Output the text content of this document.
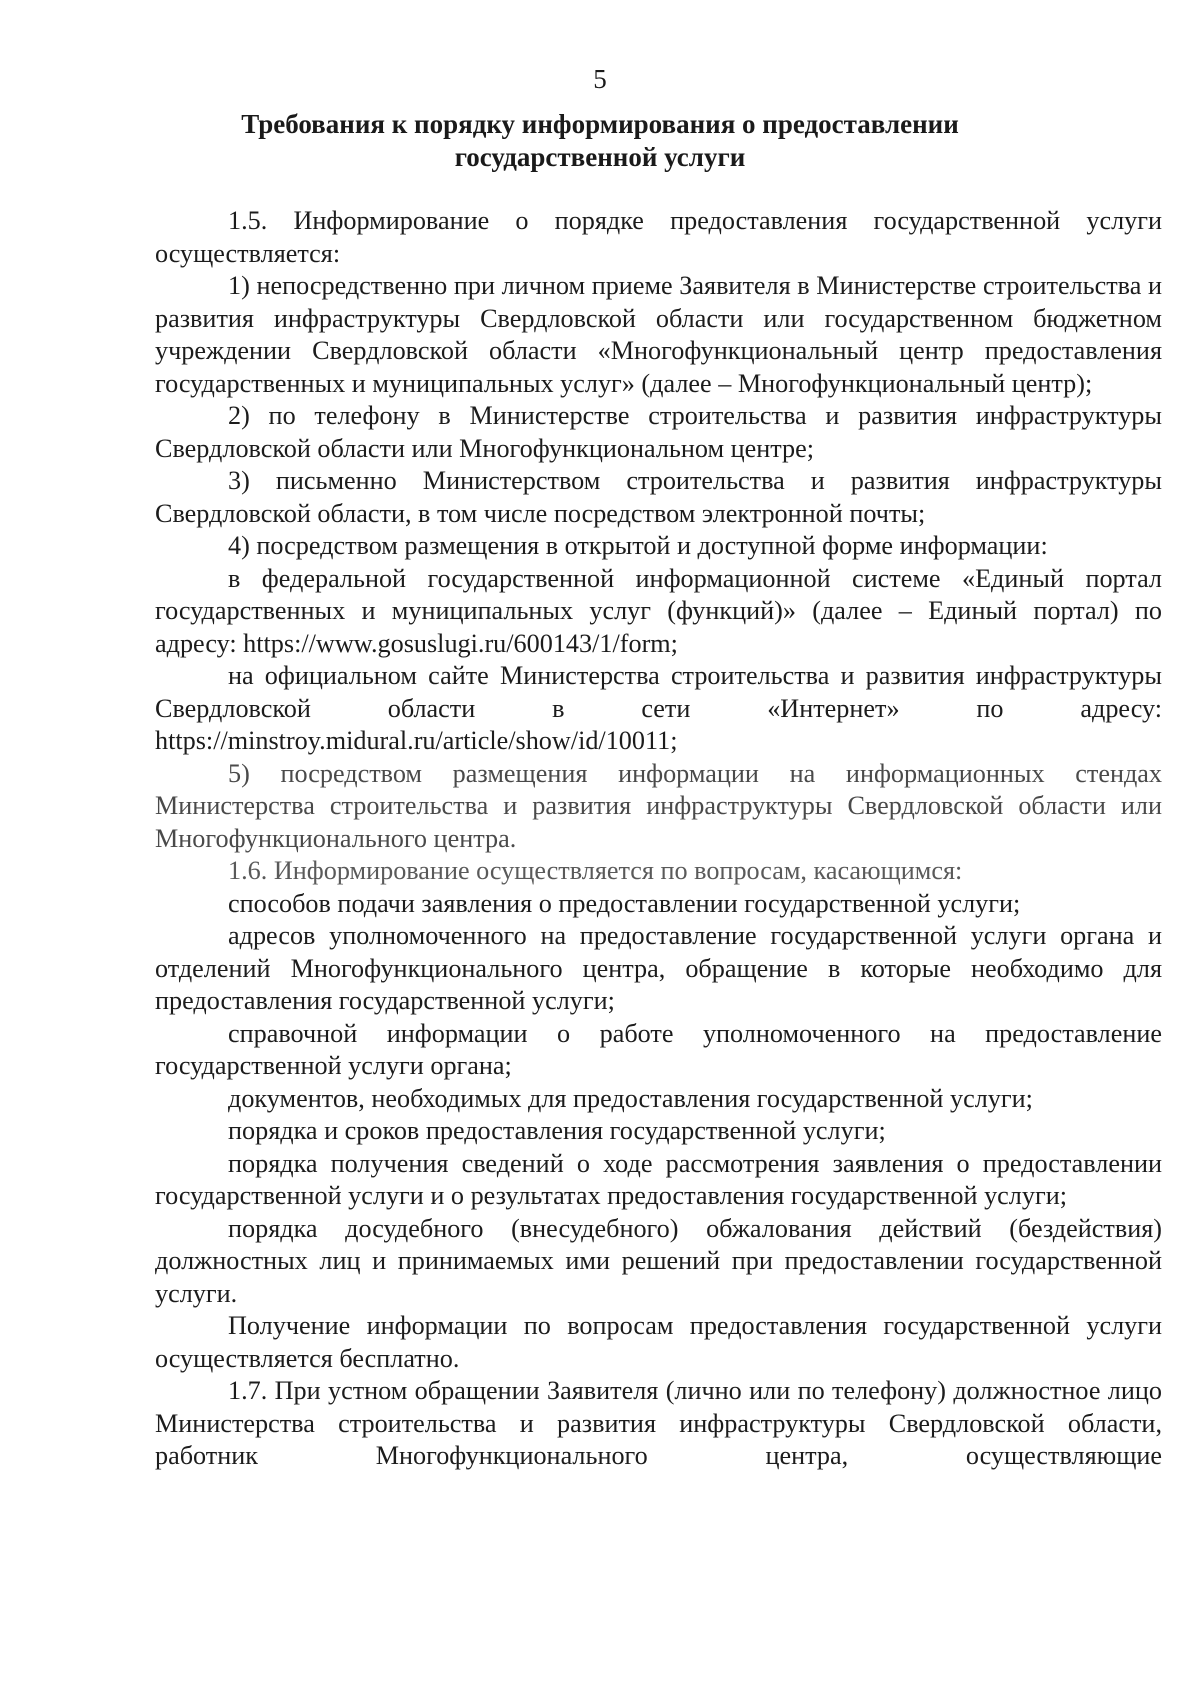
5
Требования к порядку информирования о предоставлении
государственной услуги

1.5. Информирование о порядке предоставления государственной услуги осуществляется:

1) непосредственно при личном приеме Заявителя в Министерстве строительства и развития инфраструктуры Свердловской области или государственном бюджетном учреждении Свердловской области «Многофункциональный центр предоставления государственных и муниципальных услуг» (далее – Многофункциональный центр);

2) по телефону в Министерстве строительства и развития инфраструктуры Свердловской области или Многофункциональном центре;

3) письменно Министерством строительства и развития инфраструктуры Свердловской области, в том числе посредством электронной почты;

4) посредством размещения в открытой и доступной форме информации:

в федеральной государственной информационной системе «Единый портал государственных и муниципальных услуг (функций)» (далее – Единый портал) по адресу: https://www.gosuslugi.ru/600143/1/form;

на официальном сайте Министерства строительства и развития инфраструктуры Свердловской области в сети «Интернет» по адресу: https://minstroy.midural.ru/article/show/id/10011;

5) посредством размещения информации на информационных стендах Министерства строительства и развития инфраструктуры Свердловской области или Многофункционального центра.

1.6. Информирование осуществляется по вопросам, касающимся:

способов подачи заявления о предоставлении государственной услуги;

адресов уполномоченного на предоставление государственной услуги органа и отделений Многофункционального центра, обращение в которые необходимо для предоставления государственной услуги;

справочной информации о работе уполномоченного на предоставление государственной услуги органа;

документов, необходимых для предоставления государственной услуги;

порядка и сроков предоставления государственной услуги;

порядка получения сведений о ходе рассмотрения заявления о предоставлении государственной услуги и о результатах предоставления государственной услуги;

порядка досудебного (внесудебного) обжалования действий (бездействия) должностных лиц и принимаемых ими решений при предоставлении государственной услуги.

Получение информации по вопросам предоставления государственной услуги осуществляется бесплатно.

1.7. При устном обращении Заявителя (лично или по телефону) должностное лицо Министерства строительства и развития инфраструктуры Свердловской области, работник Многофункционального центра, осуществляющие
